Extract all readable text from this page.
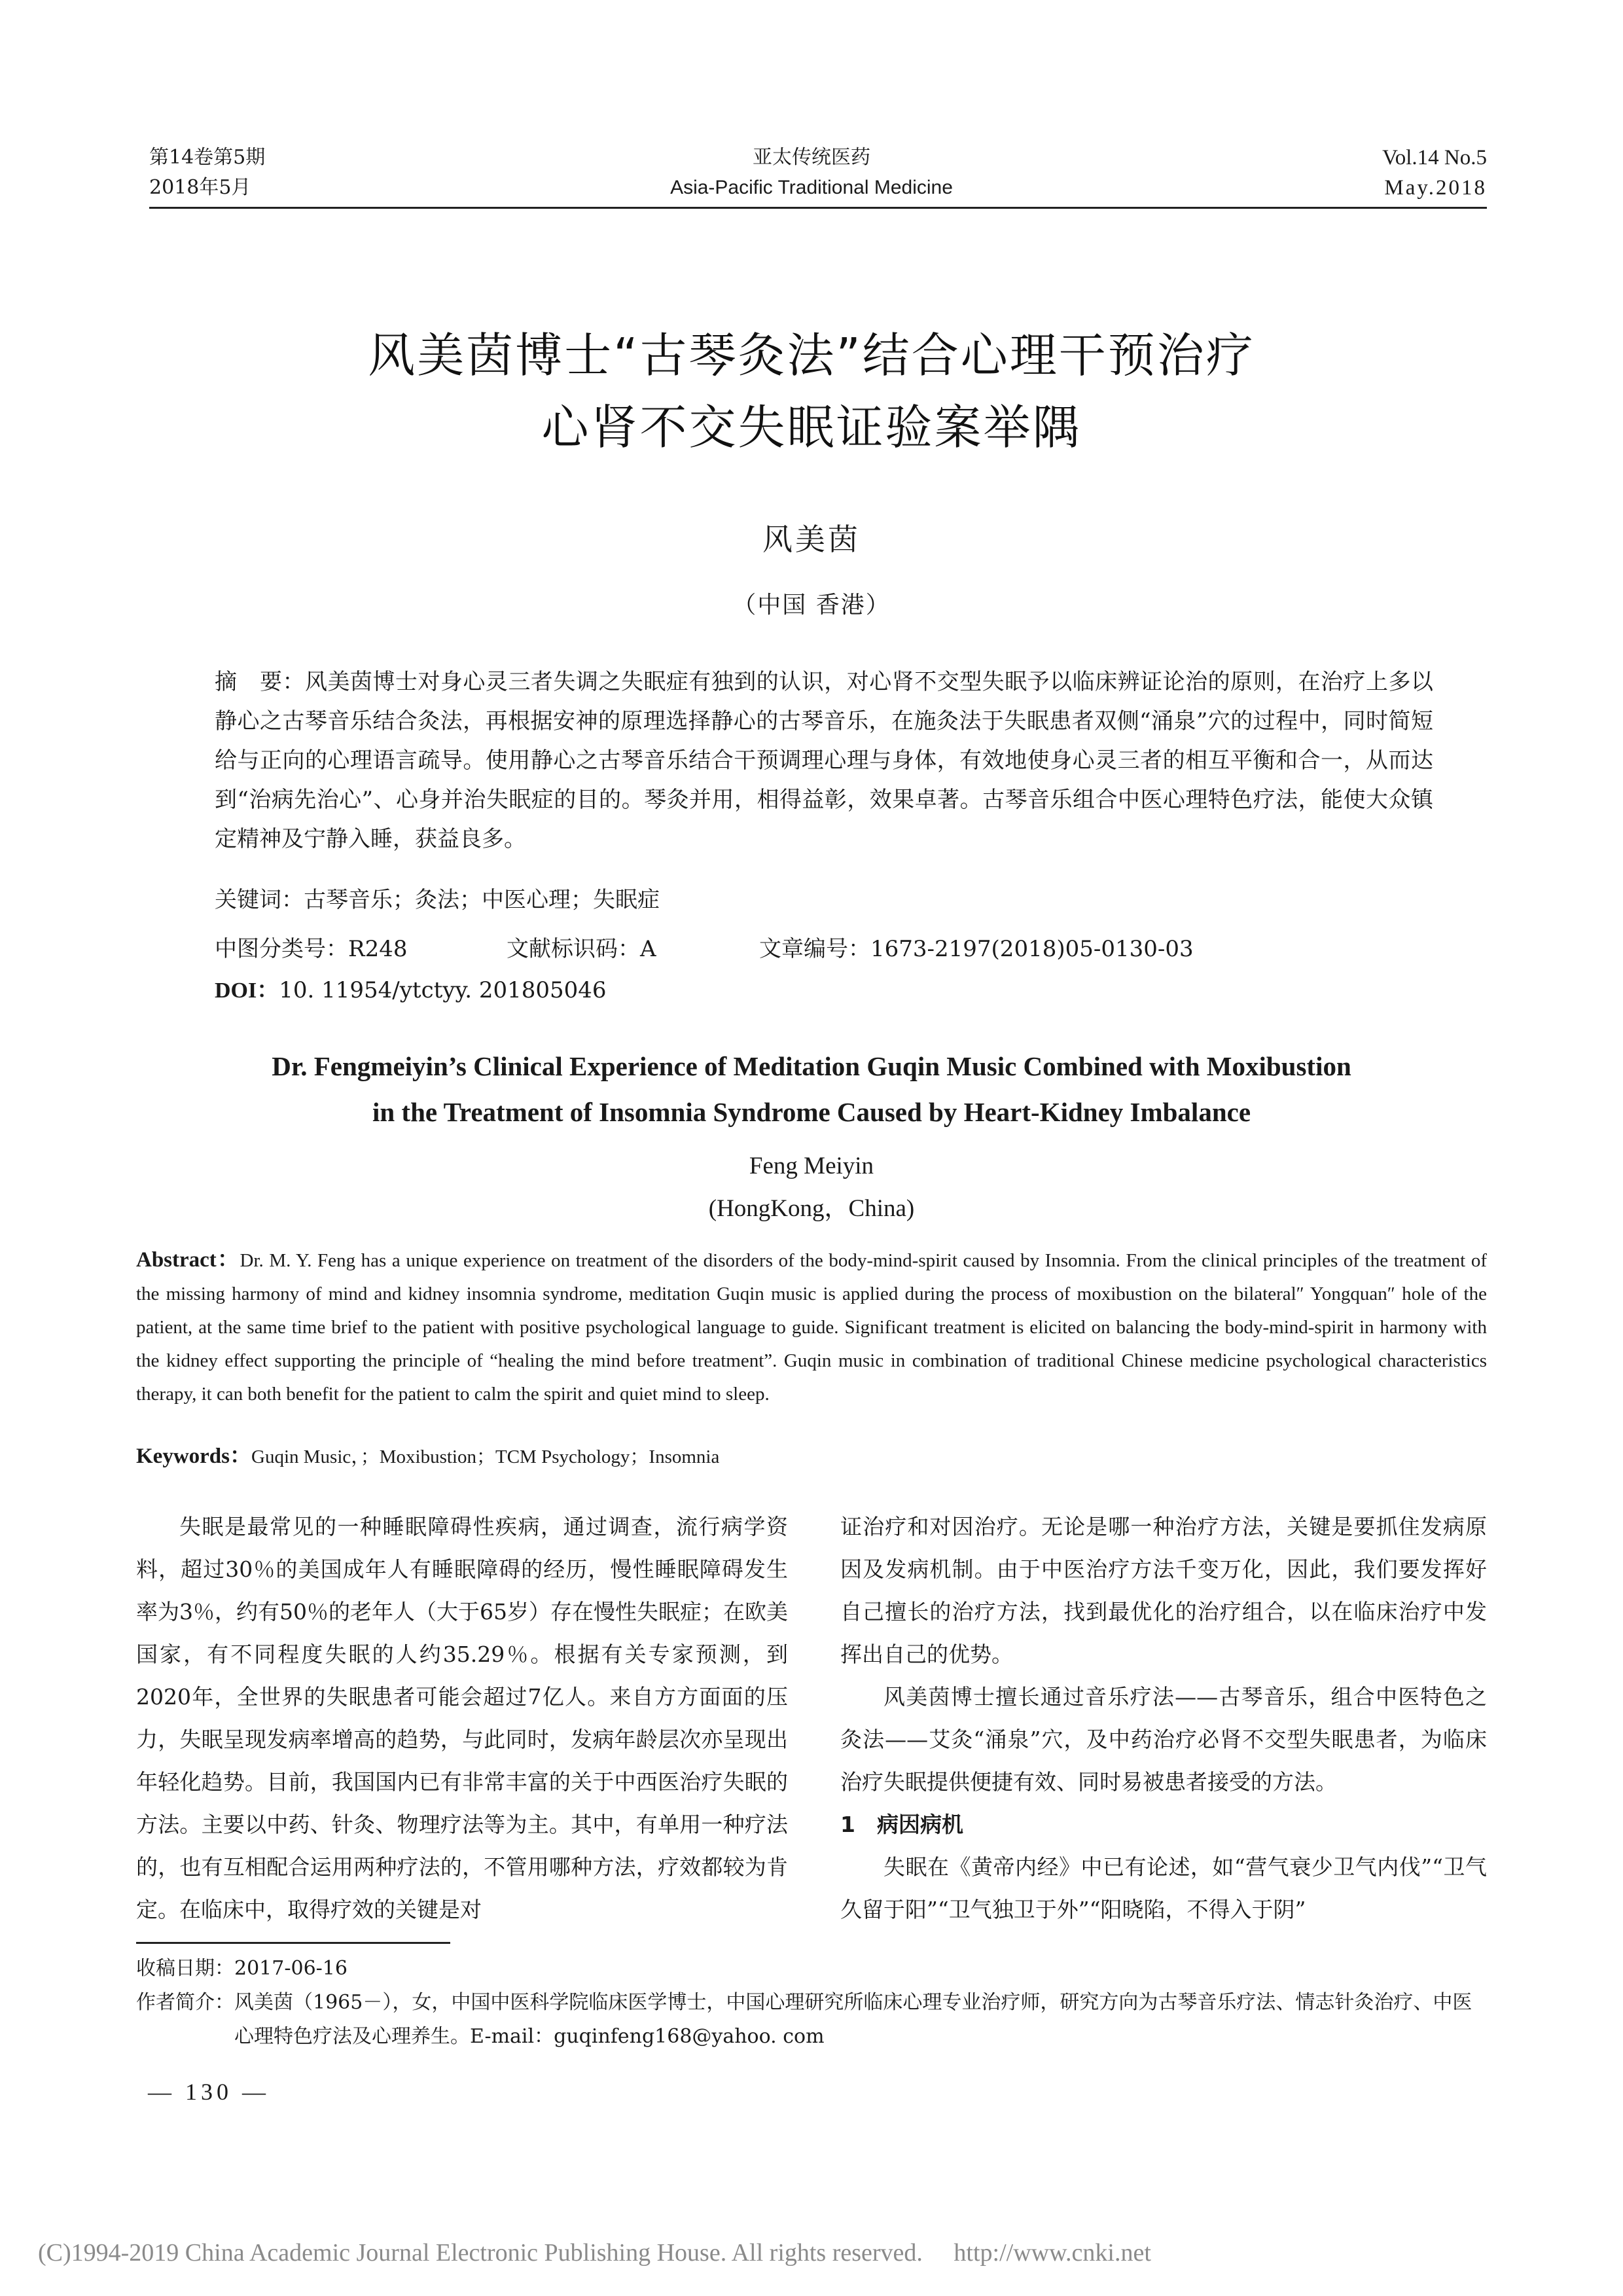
第14卷第5期
2018年5月
亚太传统医药
Asia-Pacific Traditional Medicine
Vol.14 No.5
May.2018
风美茵博士“古琴灸法”结合心理干预治疗
心肾不交失眠证验案举隅
风美茵
（中国 香港）

摘　要：风美茵博士对身心灵三者失调之失眠症有独到的认识，对心肾不交型失眠予以临床辨证论治的原则，在治疗上多以静心之古琴音乐结合灸法，再根据安神的原理选择静心的古琴音乐，在施灸法于失眠患者双侧“涌泉”穴的过程中，同时简短给与正向的心理语言疏导。使用静心之古琴音乐结合干预调理心理与身体，有效地使身心灵三者的相互平衡和合一，从而达到“治病先治心”、心身并治失眠症的目的。琴灸并用，相得益彰，效果卓著。古琴音乐组合中医心理特色疗法，能使大众镇定精神及宁静入睡，获益良多。

关键词：古琴音乐；灸法；中医心理；失眠症
中图分类号：R248	文献标识码：A	文章编号：1673-2197(2018)05-0130-03
DOI：10. 11954/ytctyy. 201805046
Dr. Fengmeiyin’s Clinical Experience of Meditation Guqin Music Combined with Moxibustion
in the Treatment of Insomnia Syndrome Caused by Heart-Kidney Imbalance
Feng Meiyin
(HongKong，China)

Abstract：Dr. M. Y. Feng has a unique experience on treatment of the disorders of the body-mind-spirit caused by Insomnia. From the clinical principles of the treatment of the missing harmony of mind and kidney insomnia syndrome, meditation Guqin music is applied during the process of moxibustion on the bilateral″ Yongquan″ hole of the patient, at the same time brief to the patient with positive psychological language to guide. Significant treatment is elicited on balancing the body-mind-spirit in harmony with the kidney effect supporting the principle of “healing the mind before treatment”. Guqin music in combination of traditional Chinese medicine psychological characteristics therapy, it can both benefit for the patient to calm the spirit and quiet mind to sleep.

Keywords：Guqin Music，；Moxibustion；TCM Psychology；Insomnia

失眠是最常见的一种睡眠障碍性疾病，通过调查，流行病学资料，超过30％的美国成年人有睡眠障碍的经历，慢性睡眠障碍发生率为3％，约有50％的老年人（大于65岁）存在慢性失眠症；在欧美国家，有不同程度失眠的人约35.29％。根据有关专家预测，到2020年，全世界的失眠患者可能会超过7亿人。来自方方面面的压力，失眠呈现发病率增高的趋势，与此同时，发病年龄层次亦呈现出年轻化趋势。目前，我国国内已有非常丰富的关于中西医治疗失眠的方法。主要以中药、针灸、物理疗法等为主。其中，有单用一种疗法的，也有互相配合运用两种疗法的，不管用哪种方法，疗效都较为肯定。在临床中，取得疗效的关键是对

证治疗和对因治疗。无论是哪一种治疗方法，关键是要抓住发病原因及发病机制。由于中医治疗方法千变万化，因此，我们要发挥好自己擅长的治疗方法，找到最优化的治疗组合，以在临床治疗中发挥出自己的优势。

风美茵博士擅长通过音乐疗法——古琴音乐，组合中医特色之灸法——艾灸“涌泉”穴，及中药治疗必肾不交型失眠患者，为临床治疗失眠提供便捷有效、同时易被患者接受的方法。

1　 病因病机

失眠在《黄帝内经》中已有论述，如“营气衰少卫气内伐”“卫气久留于阳”“卫气独卫于外”“阳晓陷，不得入于阴”

收稿日期：2017-06-16
作者简介： 风美茵（1965－），女，中国中医科学院临床医学博士，中国心理研究所临床心理专业治疗师，研究方向为古琴音乐疗法、情志针灸治疗、中医心理特色疗法及心理养生。E-mail：guqinfeng168@yahoo. com
— 130 —
(C)1994-2019 China Academic Journal Electronic Publishing House. All rights reserved.　 http://www.cnki.net
